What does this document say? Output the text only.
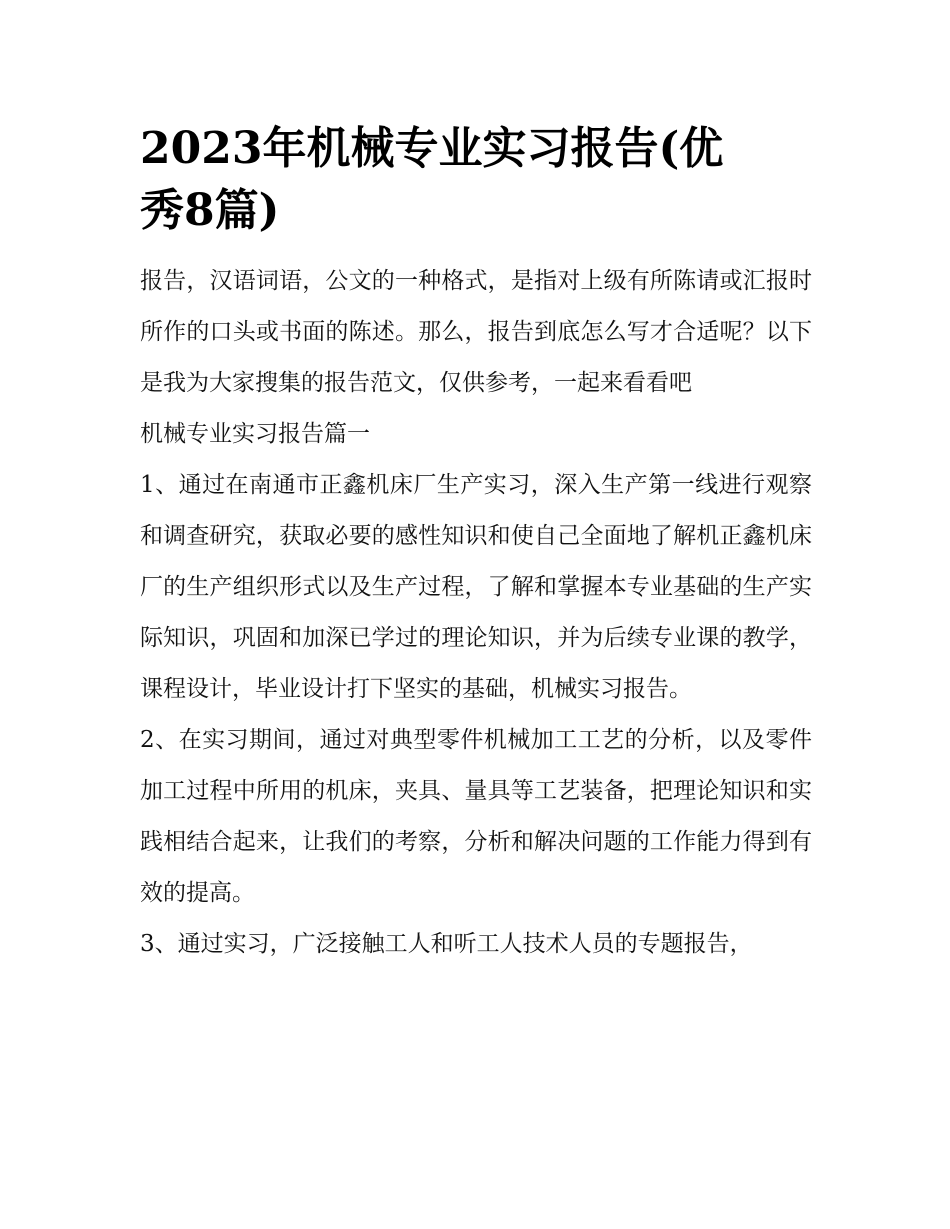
2023年机械专业实习报告(优
秀8篇)

报告，汉语词语，公文的一种格式，是指对上级有所陈请或汇报时所作的口头或书面的陈述。那么，报告到底怎么写才合适呢？以下是我为大家搜集的报告范文，仅供参考，一起来看看吧

机械专业实习报告篇一

1、通过在南通市正鑫机床厂生产实习，深入生产第一线进行观察和调查研究，获取必要的感性知识和使自己全面地了解机正鑫机床厂的生产组织形式以及生产过程，了解和掌握本专业基础的生产实际知识，巩固和加深已学过的理论知识，并为后续专业课的教学，课程设计，毕业设计打下坚实的基础，机械实习报告。

2、在实习期间，通过对典型零件机械加工工艺的分析，以及零件加工过程中所用的机床，夹具、量具等工艺装备，把理论知识和实践相结合起来，让我们的考察，分析和解决问题的工作能力得到有效的提高。

3、通过实习，广泛接触工人和听工人技术人员的专题报告，
